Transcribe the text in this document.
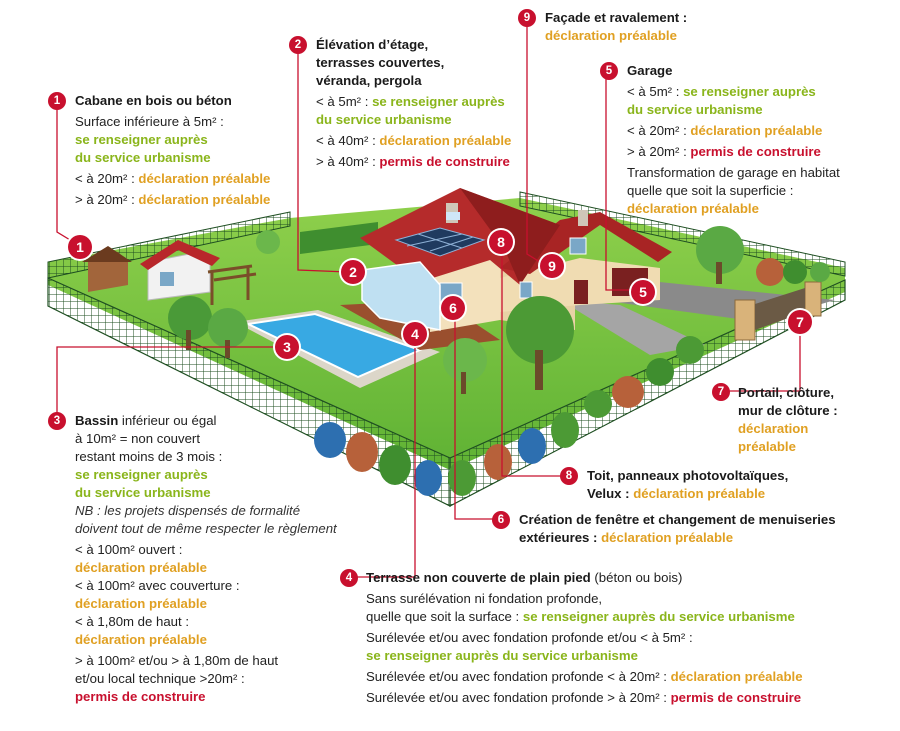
1
2
3
4
5
6
7
8
9
1	Cabane en bois ou béton
Surface inférieure à 5m² :
se renseigner auprès
du service urbanisme
< à 20m² : déclaration préalable
> à 20m² : déclaration préalable
2	Élévation d’étage,
terrasses couvertes,
véranda, pergola
< à 5m² : se renseigner auprès
du service urbanisme
< à 40m² : déclaration préalable
> à 40m² : permis de construire
9	Façade et ravalement :
déclaration préalable
5	Garage
< à 5m² : se renseigner auprès
du service urbanisme
< à 20m² : déclaration préalable
> à 20m² : permis de construire
Transformation de garage en habitat
quelle que soit la superficie :
déclaration préalable
3	Bassin inférieur ou égal
à 10m² = non couvert
restant moins de 3 mois :
se renseigner auprès
du service urbanisme
NB : les projets dispensés de formalité
doivent tout de même respecter le règlement
< à 100m² ouvert :
déclaration préalable
< à 100m² avec couverture :
déclaration préalable
< à 1,80m de haut :
déclaration préalable
> à 100m² et/ou > à 1,80m de haut
et/ou local technique >20m² :
permis de construire
7	Portail, clôture,
mur de clôture :
déclaration
préalable
8	Toit, panneaux photovoltaïques,
Velux : déclaration préalable
6	Création de fenêtre et changement de menuiseries
extérieures : déclaration préalable
4	Terrasse non couverte de plain pied (béton ou bois)
Sans surélévation ni fondation profonde,
quelle que soit la surface : se renseigner auprès du service urbanisme
Surélevée et/ou avec fondation profonde et/ou < à 5m² :
se renseigner auprès du service urbanisme
Surélevée et/ou avec fondation profonde < à 20m² : déclaration préalable
Surélevée et/ou avec fondation profonde > à 20m² : permis de construire
